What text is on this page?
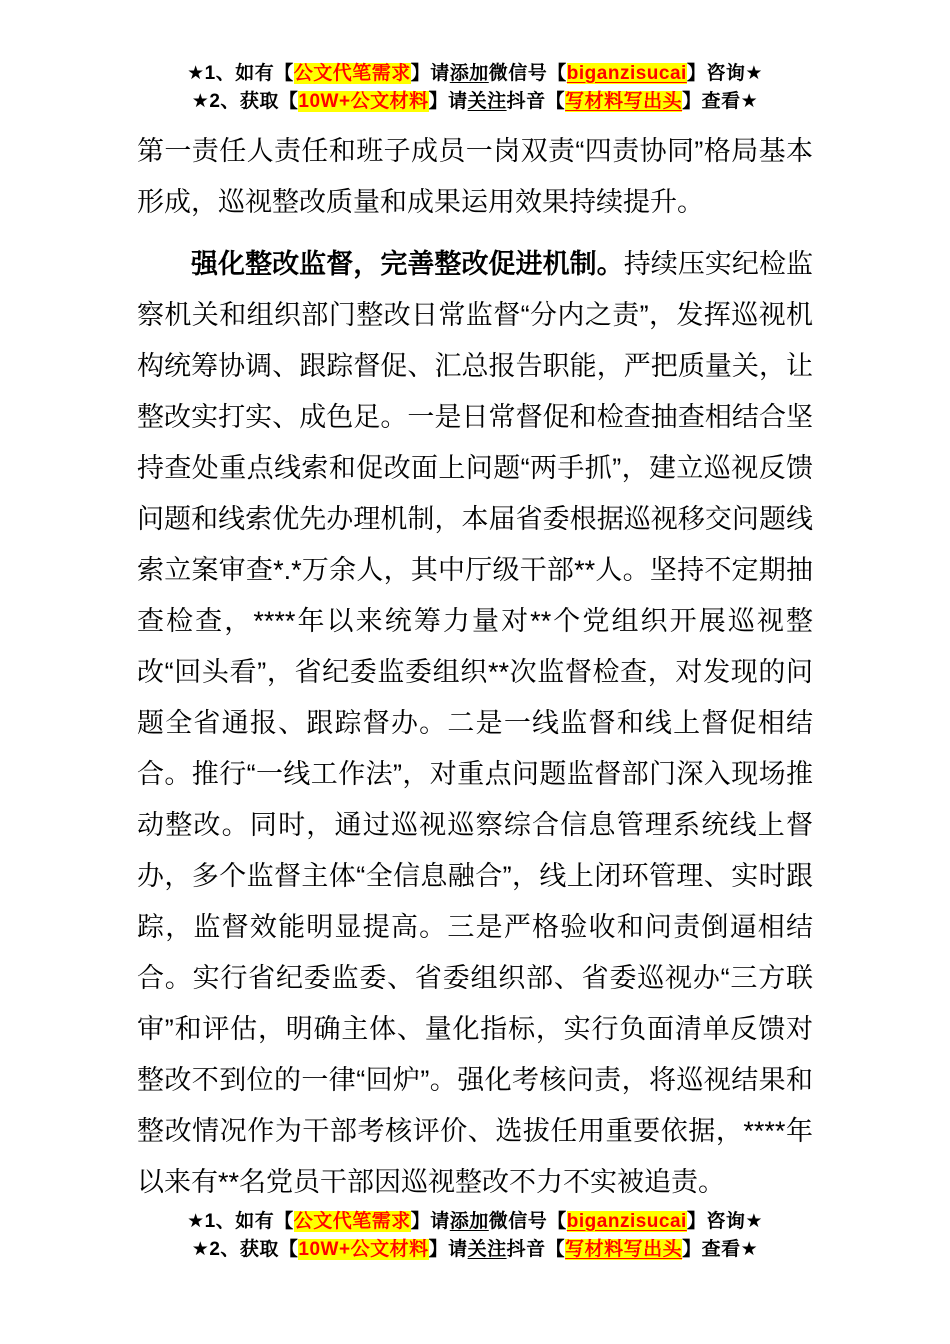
★1、如有【公文代笔需求】请添加微信号【biganzisucai】咨询★

★2、获取【10W+公文材料】请关注抖音【写材料写出头】查看★

第一责任人责任和班子成员一岗双责“四责协同”格局基本形成，巡视整改质量和成果运用效果持续提升。

强化整改监督，完善整改促进机制。持续压实纪检监察机关和组织部门整改日常监督“分内之责”，发挥巡视机构统筹协调、跟踪督促、汇总报告职能，严把质量关，让整改实打实、成色足。一是日常督促和检查抽查相结合坚持查处重点线索和促改面上问题“两手抓”，建立巡视反馈问题和线索优先办理机制，本届省委根据巡视移交问题线索立案审查*.*万余人，其中厅级干部**人。坚持不定期抽查检查，****年以来统筹力量对**个党组织开展巡视整改“回头看”，省纪委监委组织**次监督检查，对发现的问题全省通报、跟踪督办。二是一线监督和线上督促相结合。推行“一线工作法”，对重点问题监督部门深入现场推动整改。同时，通过巡视巡察综合信息管理系统线上督办，多个监督主体“全信息融合”，线上闭环管理、实时跟踪，监督效能明显提高。三是严格验收和问责倒逼相结合。实行省纪委监委、省委组织部、省委巡视办“三方联审”和评估，明确主体、量化指标，实行负面清单反馈对整改不到位的一律“回炉”。强化考核问责，将巡视结果和整改情况作为干部考核评价、选拔任用重要依据，****年以来有**名党员干部因巡视整改不力不实被追责。

★1、如有【公文代笔需求】请添加微信号【biganzisucai】咨询★

★2、获取【10W+公文材料】请关注抖音【写材料写出头】查看★
